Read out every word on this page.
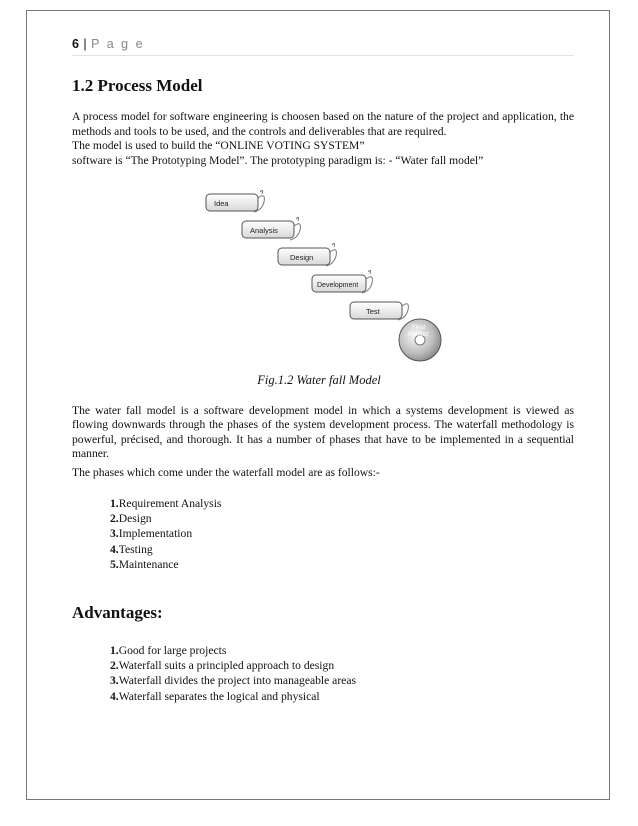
6 | P a g e
1.2 Process Model

A process model for software engineering is choosen based on the nature of the project and application, the methods and tools to be used, and the controls and deliverables that are required.
The model is used to build the “ONLINE VOTING SYSTEM”
software is “The Prototyping Model”. The prototyping paradigm is: - “Water fall model”

Idea
Analysis
Design
Development
Test
Final
Product
Fig.1.2 Water fall Model

The water fall model is a software development model in which a systems development is viewed as flowing downwards through the phases of the system development process. The waterfall methodology is powerful, précised, and thorough. It has a number of phases that have to be implemented in a sequential manner.

The phases which come under the waterfall model are as follows:-

1.Requirement Analysis
2.Design
3.Implementation
4.Testing
5.Maintenance
Advantages:
1.Good for large projects
2.Waterfall suits a principled approach to design
3.Waterfall divides the project into manageable areas
4.Waterfall separates the logical and physical
